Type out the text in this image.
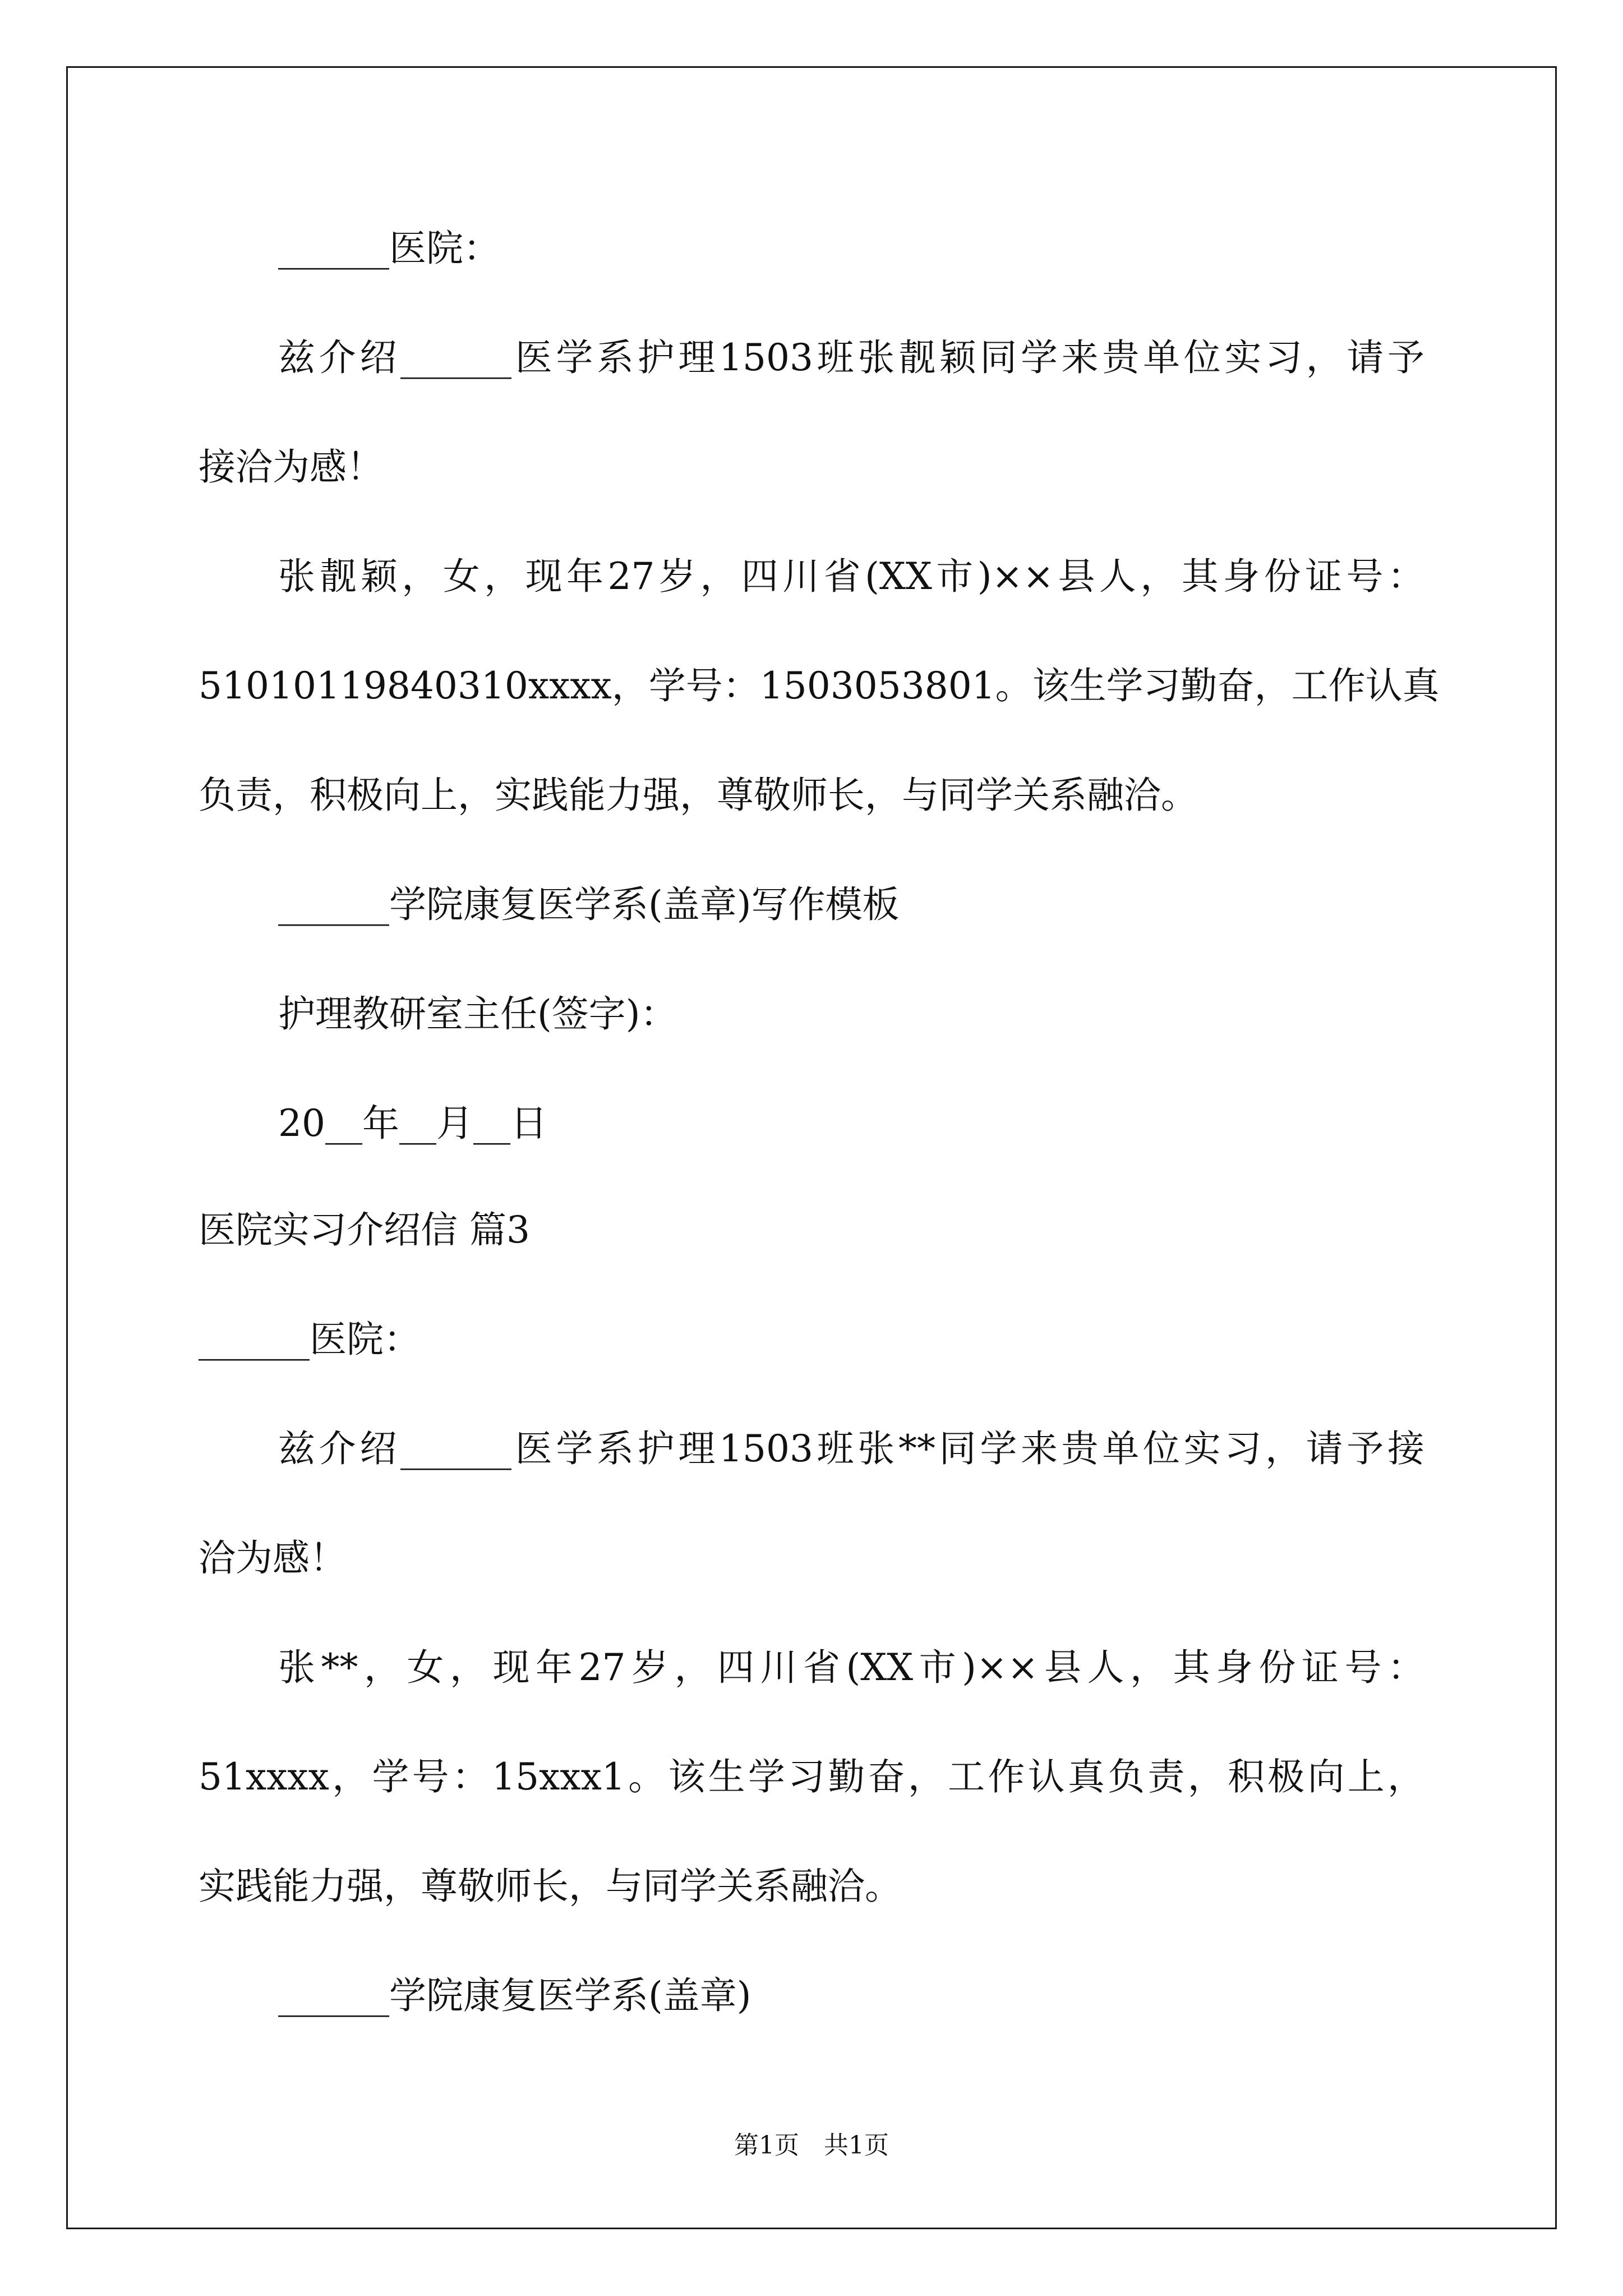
______医院：
兹介绍______医学系护理1503班张靓颖同学来贵单位实习，请予
接洽为感！
张靓颖，女，现年27岁，四川省(XX市)××县人，其身份证号：
51010119840310xxxx，学号：1503053801。该生学习勤奋，工作认真
负责，积极向上，实践能力强，尊敬师长，与同学关系融洽。
______学院康复医学系(盖章)写作模板
护理教研室主任(签字)：
20__年__月__日
医院实习介绍信 篇3
______医院：
兹介绍______医学系护理1503班张**同学来贵单位实习，请予接
洽为感！
张**，女，现年27岁，四川省(XX市)××县人，其身份证号：
51xxxx，学号：15xxx1。该生学习勤奋，工作认真负责，积极向上，
实践能力强，尊敬师长，与同学关系融洽。
______学院康复医学系(盖章)
第1页　共1页
